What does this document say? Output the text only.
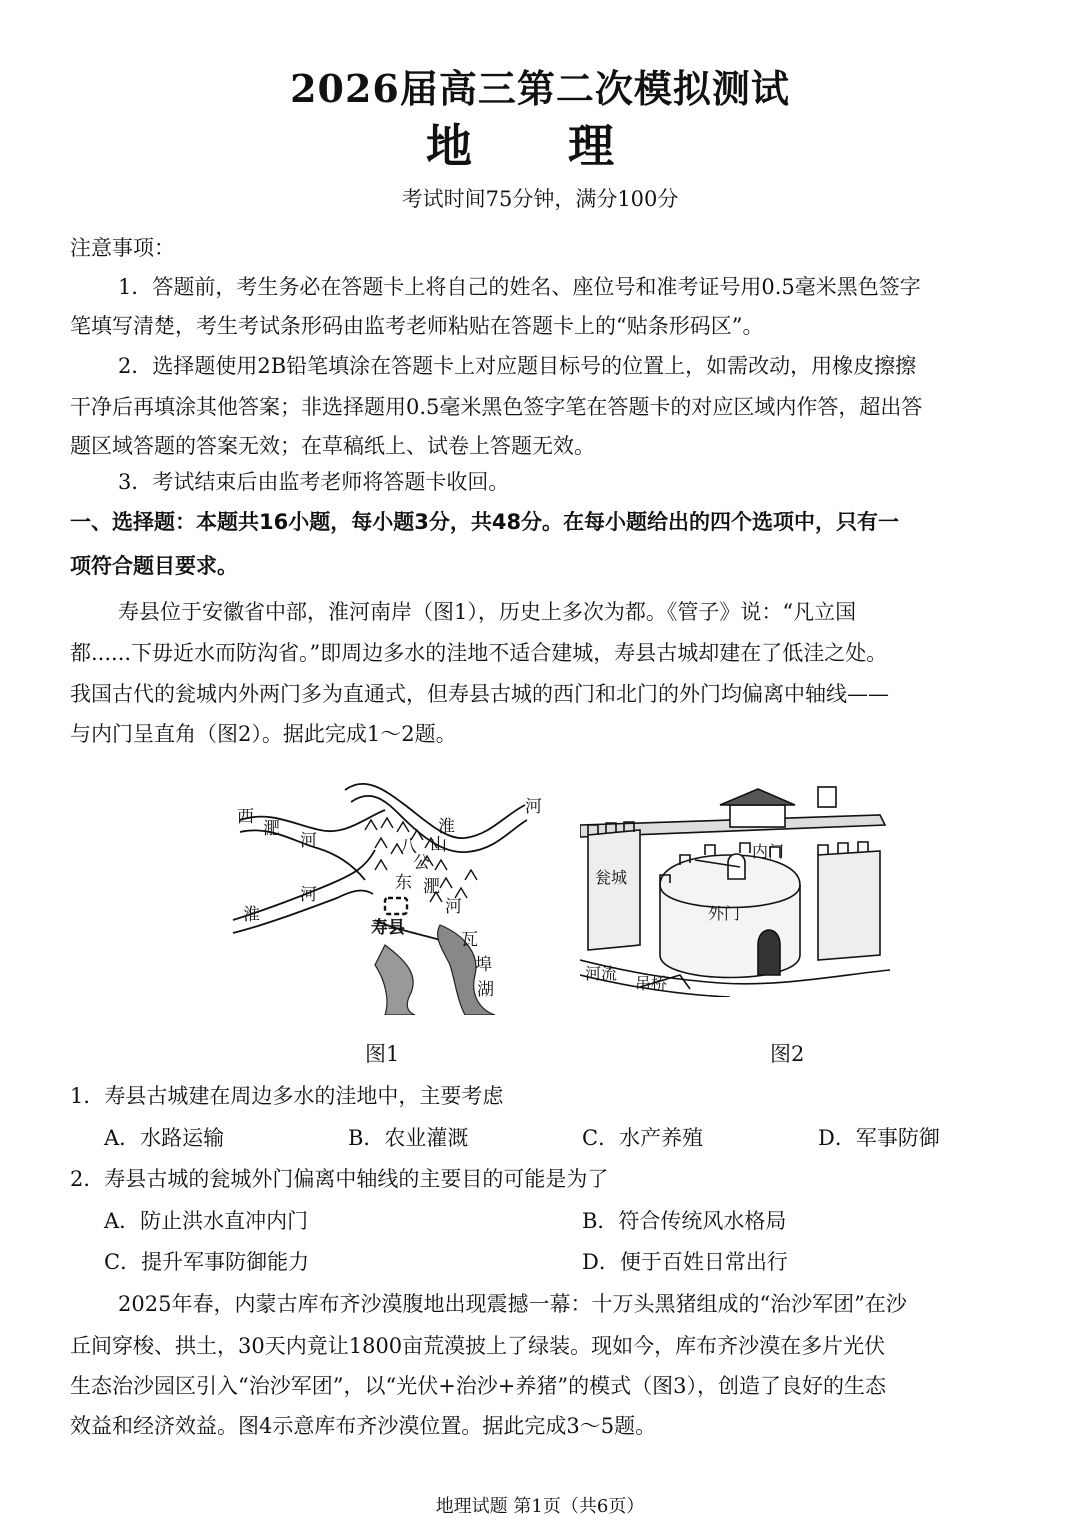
2026届高三第二次模拟测试
地 理
考试时间75分钟，满分100分
注意事项：
1．答题前，考生务必在答题卡上将自己的姓名、座位号和准考证号用0.5毫米黑色签字
笔填写清楚，考生考试条形码由监考老师粘贴在答题卡上的“贴条形码区”。
2．选择题使用2B铅笔填涂在答题卡上对应题目标号的位置上，如需改动，用橡皮擦擦
干净后再填涂其他答案；非选择题用0.5毫米黑色签字笔在答题卡的对应区域内作答，超出答
题区域答题的答案无效；在草稿纸上、试卷上答题无效。
3．考试结束后由监考老师将答题卡收回。
一、选择题：本题共16小题，每小题3分，共48分。在每小题给出的四个选项中，只有一
项符合题目要求。
寿县位于安徽省中部，淮河南岸（图1），历史上多次为都。《管子》说：“凡立国
都......下毋近水而防沟省。”即周边多水的洼地不适合建城，寿县古城却建在了低洼之处。
我国古代的瓮城内外两门多为直通式，但寿县古城的西门和北门的外门均偏离中轴线——
与内门呈直角（图2）。据此完成1～2题。
西
淝
河
淮
河
八
公
山
东 淝
河
河
淮
寿县
瓦
埠
湖
图1
内门
瓮城
外门
河流
吊桥
图2
1．寿县古城建在周边多水的洼地中，主要考虑
A．水路运输	B．农业灌溉	C．水产养殖	D．军事防御
2．寿县古城的瓮城外门偏离中轴线的主要目的可能是为了
A．防止洪水直冲内门	B．符合传统风水格局
C．提升军事防御能力	D．便于百姓日常出行
2025年春，内蒙古库布齐沙漠腹地出现震撼一幕：十万头黑猪组成的“治沙军团”在沙
丘间穿梭、拱土，30天内竟让1800亩荒漠披上了绿装。现如今，库布齐沙漠在多片光伏
生态治沙园区引入“治沙军团”，以“光伏+治沙+养猪”的模式（图3），创造了良好的生态
效益和经济效益。图4示意库布齐沙漠位置。据此完成3～5题。
地理试题 第1页（共6页）
